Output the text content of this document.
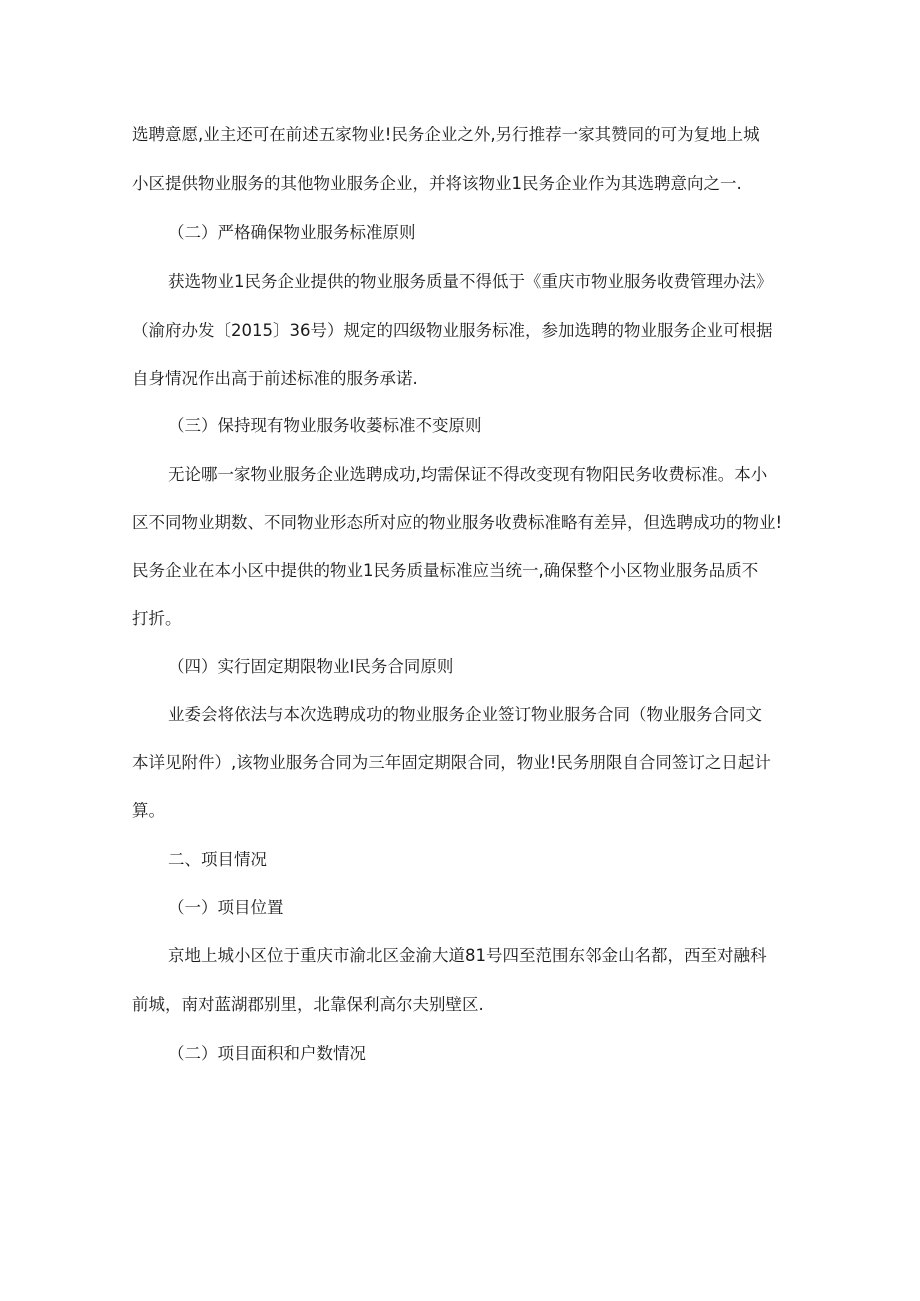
选聘意愿,业主还可在前述五家物业!民务企业之外,另行推荐一家其赞同的可为复地上城
小区提供物业服务的其他物业服务企业，并将该物业1民务企业作为其选聘意向之一.
（二）严格确保物业服务标准原则
获选物业1民务企业提供的物业服务质量不得低于《重庆市物业服务收费管理办法》
（渝府办发〔2015〕36号）规定的四级物业服务标准，参加选聘的物业服务企业可根据
自身情况作出高于前述标准的服务承诺.
（三）保持现有物业服务收蒌标准不变原则
无论哪一家物业服务企业选聘成功,均需保证不得改变现有物阳民务收费标准。本小
区不同物业期数、不同物业形态所对应的物业服务收费标准略有差异，但选聘成功的物业!
民务企业在本小区中提供的物业1民务质量标准应当统一,确保整个小区物业服务品质不
打折。
（四）实行固定期限物业I民务合同原则
业委会将依法与本次选聘成功的物业服务企业签订物业服务合同（物业服务合同文
本详见附件）,该物业服务合同为三年固定期限合同，物业!民务朋限自合同签订之日起计
算。
二、项目情况
（一）项目位置
京地上城小区位于重庆市渝北区金渝大道81号四至范围东邻金山名都，西至对融科
前城，南对蓝湖郡别里，北靠保利高尔夫别壁区.
（二）项目面积和户数情况
